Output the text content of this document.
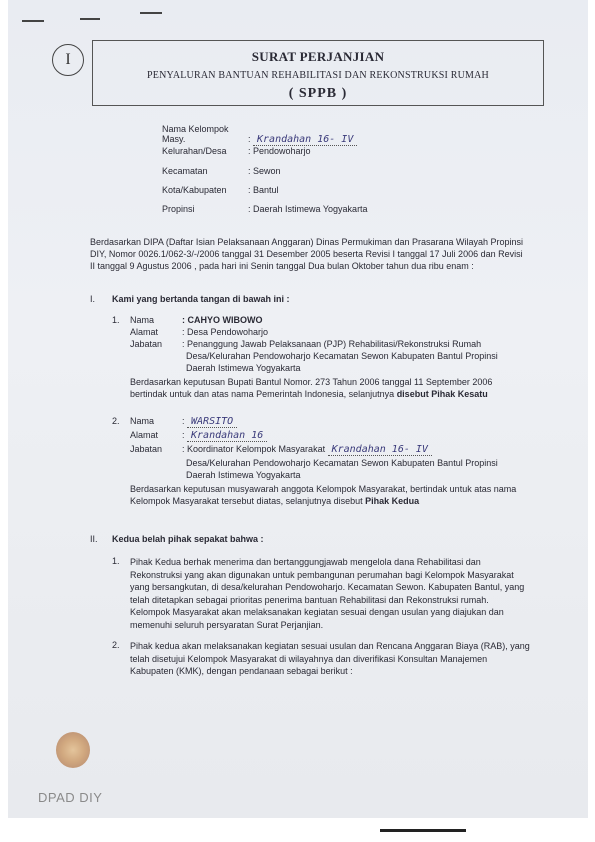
I	SURAT PERJANJIAN
PENYALURAN BANTUAN REHABILITASI DAN REKONSTRUKSI RUMAH
( SPPB )
Nama Kelompok Masy.	: Krandahan 16- IV
Kelurahan/Desa : Pendowoharjo
Kecamatan	: Sewon
Kota/Kabupaten : Bantul
Propinsi	: Daerah Istimewa Yogyakarta
Berdasarkan DIPA (Daftar Isian Pelaksanaan Anggaran) Dinas Permukiman dan Prasarana Wilayah Propinsi
DIY, Nomor 0026.1/062-3/-/2006 tanggal 31 Desember 2005 beserta Revisi I tanggal 17 Juli 2006 dan Revisi
II tanggal 9 Agustus 2006 , pada hari ini Senin tanggal Dua bulan Oktober tahun dua ribu enam :
I. Kami yang bertanda tangan di bawah ini :
1. Nama	: CAHYO WIBOWO
Alamat	: Desa Pendowoharjo
Jabatan : Penanggung Jawab Pelaksanaan (PJP) Rehabilitasi/Rekonstruksi Rumah
Desa/Kelurahan Pendowoharjo Kecamatan Sewon Kabupaten Bantul Propinsi
Daerah Istimewa Yogyakarta
Berdasarkan keputusan Bupati Bantul Nomor. 273 Tahun 2006 tanggal 11 September 2006
bertindak untuk dan atas nama Pemerintah Indonesia, selanjutnya disebut Pihak Kesatu
2. Nama	: WARSITO
Alamat	: Krandahan 16
Jabatan : Koordinator Kelompok Masyarakat Krandahan 16- IV
Desa/Kelurahan Pendowoharjo Kecamatan Sewon Kabupaten Bantul Propinsi
Daerah Istimewa Yogyakarta
Berdasarkan keputusan musyawarah anggota Kelompok Masyarakat, bertindak untuk atas nama
Kelompok Masyarakat tersebut diatas, selanjutnya disebut Pihak Kedua
II. Kedua belah pihak sepakat bahwa :
1. Pihak Kedua berhak menerima dan bertanggungjawab mengelola dana Rehabilitasi dan
Rekonstruksi yang akan digunakan untuk pembangunan perumahan bagi Kelompok Masyarakat
yang bersangkutan, di desa/kelurahan Pendowoharjo. Kecamatan Sewon. Kabupaten Bantul, yang
telah ditetapkan sebagai prioritas penerima bantuan Rehabilitasi dan Rekonstruksi rumah.
Kelompok Masyarakat akan melaksanakan kegiatan sesuai dengan usulan yang diajukan dan
memenuhi seluruh persyaratan Surat Perjanjian.
2. Pihak kedua akan melaksanakan kegiatan sesuai usulan dan Rencana Anggaran Biaya (RAB), yang
telah disetujui Kelompok Masyarakat di wilayahnya dan diverifikasi Konsultan Manajemen
Kabupaten (KMK), dengan pendanaan sebagai berikut :
DPAD DIY
